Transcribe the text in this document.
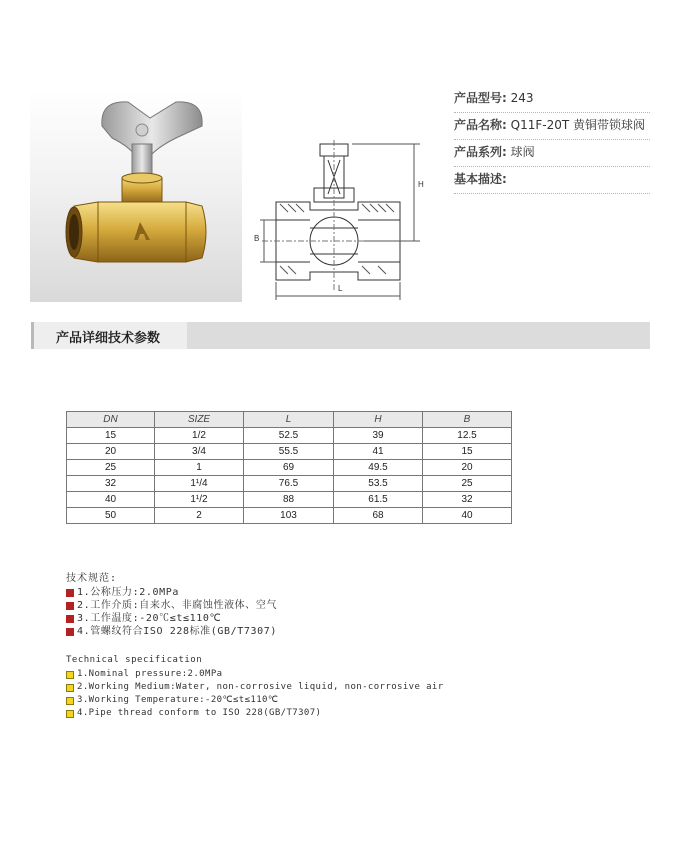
H
B
L
产品型号: 243
产品名称: Q11F-20T 黄铜带锁球阀
产品系列: 球阀
基本描述:
产品详细技术参数
DN	SIZE	L	H	B
15	1/2	52.5	39	12.5
20	3/4	55.5	41	15
25	1	69	49.5	20
32	1¹/4	76.5	53.5	25
40	1¹/2	88	61.5	32
50	2	103	68	40
技术规范:
1.公称压力:2.0MPa
2.工作介质:自来水、非腐蚀性液体、空气
3.工作温度:-20℃≤t≤110℃
4.管螺纹符合ISO 228标准(GB/T7307)
Technical specification
1.Nominal pressure:2.0MPa
2.Working Medium:Water, non-corrosive liquid, non-corrosive air
3.Working Temperature:-20℃≤t≤110℃
4.Pipe thread conform to ISO 228(GB/T7307)
